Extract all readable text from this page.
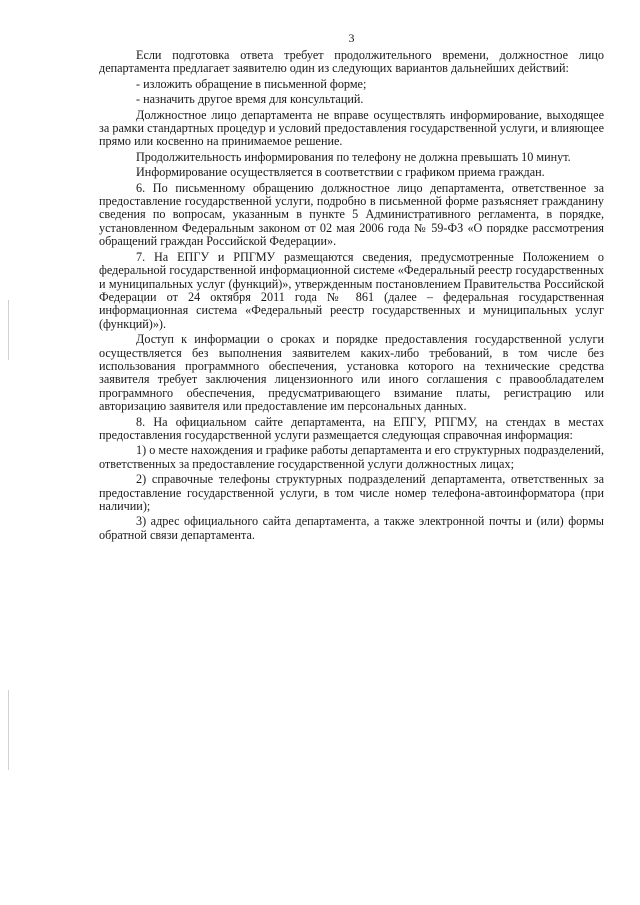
3

Если подготовка ответа требует продолжительного времени, должностное лицо департамента предлагает заявителю один из следующих вариантов дальнейших действий:

- изложить обращение в письменной форме;

- назначить другое время для консультаций.

Должностное лицо департамента не вправе осуществлять информирование, выходящее за рамки стандартных процедур и условий предоставления государственной услуги, и влияющее прямо или косвенно на принимаемое решение.

Продолжительность информирования по телефону не должна превышать 10 минут.

Информирование осуществляется в соответствии с графиком приема граждан.

6. По письменному обращению должностное лицо департамента, ответственное за предоставление государственной услуги, подробно в письменной форме разъясняет гражданину сведения по вопросам, указанным в пункте 5 Административного регламента, в порядке, установленном Федеральным законом от 02 мая 2006 года № 59-ФЗ «О порядке рассмотрения обращений граждан Российской Федерации».

7. На ЕПГУ и РПГМУ размещаются сведения, предусмотренные Положением о федеральной государственной информационной системе «Федеральный реестр государственных и муниципальных услуг (функций)», утвержденным постановлением Правительства Российской Федерации от 24 октября 2011 года № 861 (далее – федеральная государственная информационная система «Федеральный реестр государственных и муниципальных услуг (функций)»).

Доступ к информации о сроках и порядке предоставления государственной услуги осуществляется без выполнения заявителем каких-либо требований, в том числе без использования программного обеспечения, установка которого на технические средства заявителя требует заключения лицензионного или иного соглашения с правообладателем программного обеспечения, предусматривающего взимание платы, регистрацию или авторизацию заявителя или предоставление им персональных данных.

8. На официальном сайте департамента, на ЕПГУ, РПГМУ, на стендах в местах предоставления государственной услуги размещается следующая справочная информация:

1) о месте нахождения и графике работы департамента и его структурных подразделений, ответственных за предоставление государственной услуги должностных лицах;

2) справочные телефоны структурных подразделений департамента, ответственных за предоставление государственной услуги, в том числе номер телефона-автоинформатора (при наличии);

3) адрес официального сайта департамента, а также электронной почты и (или) формы обратной связи департамента.
